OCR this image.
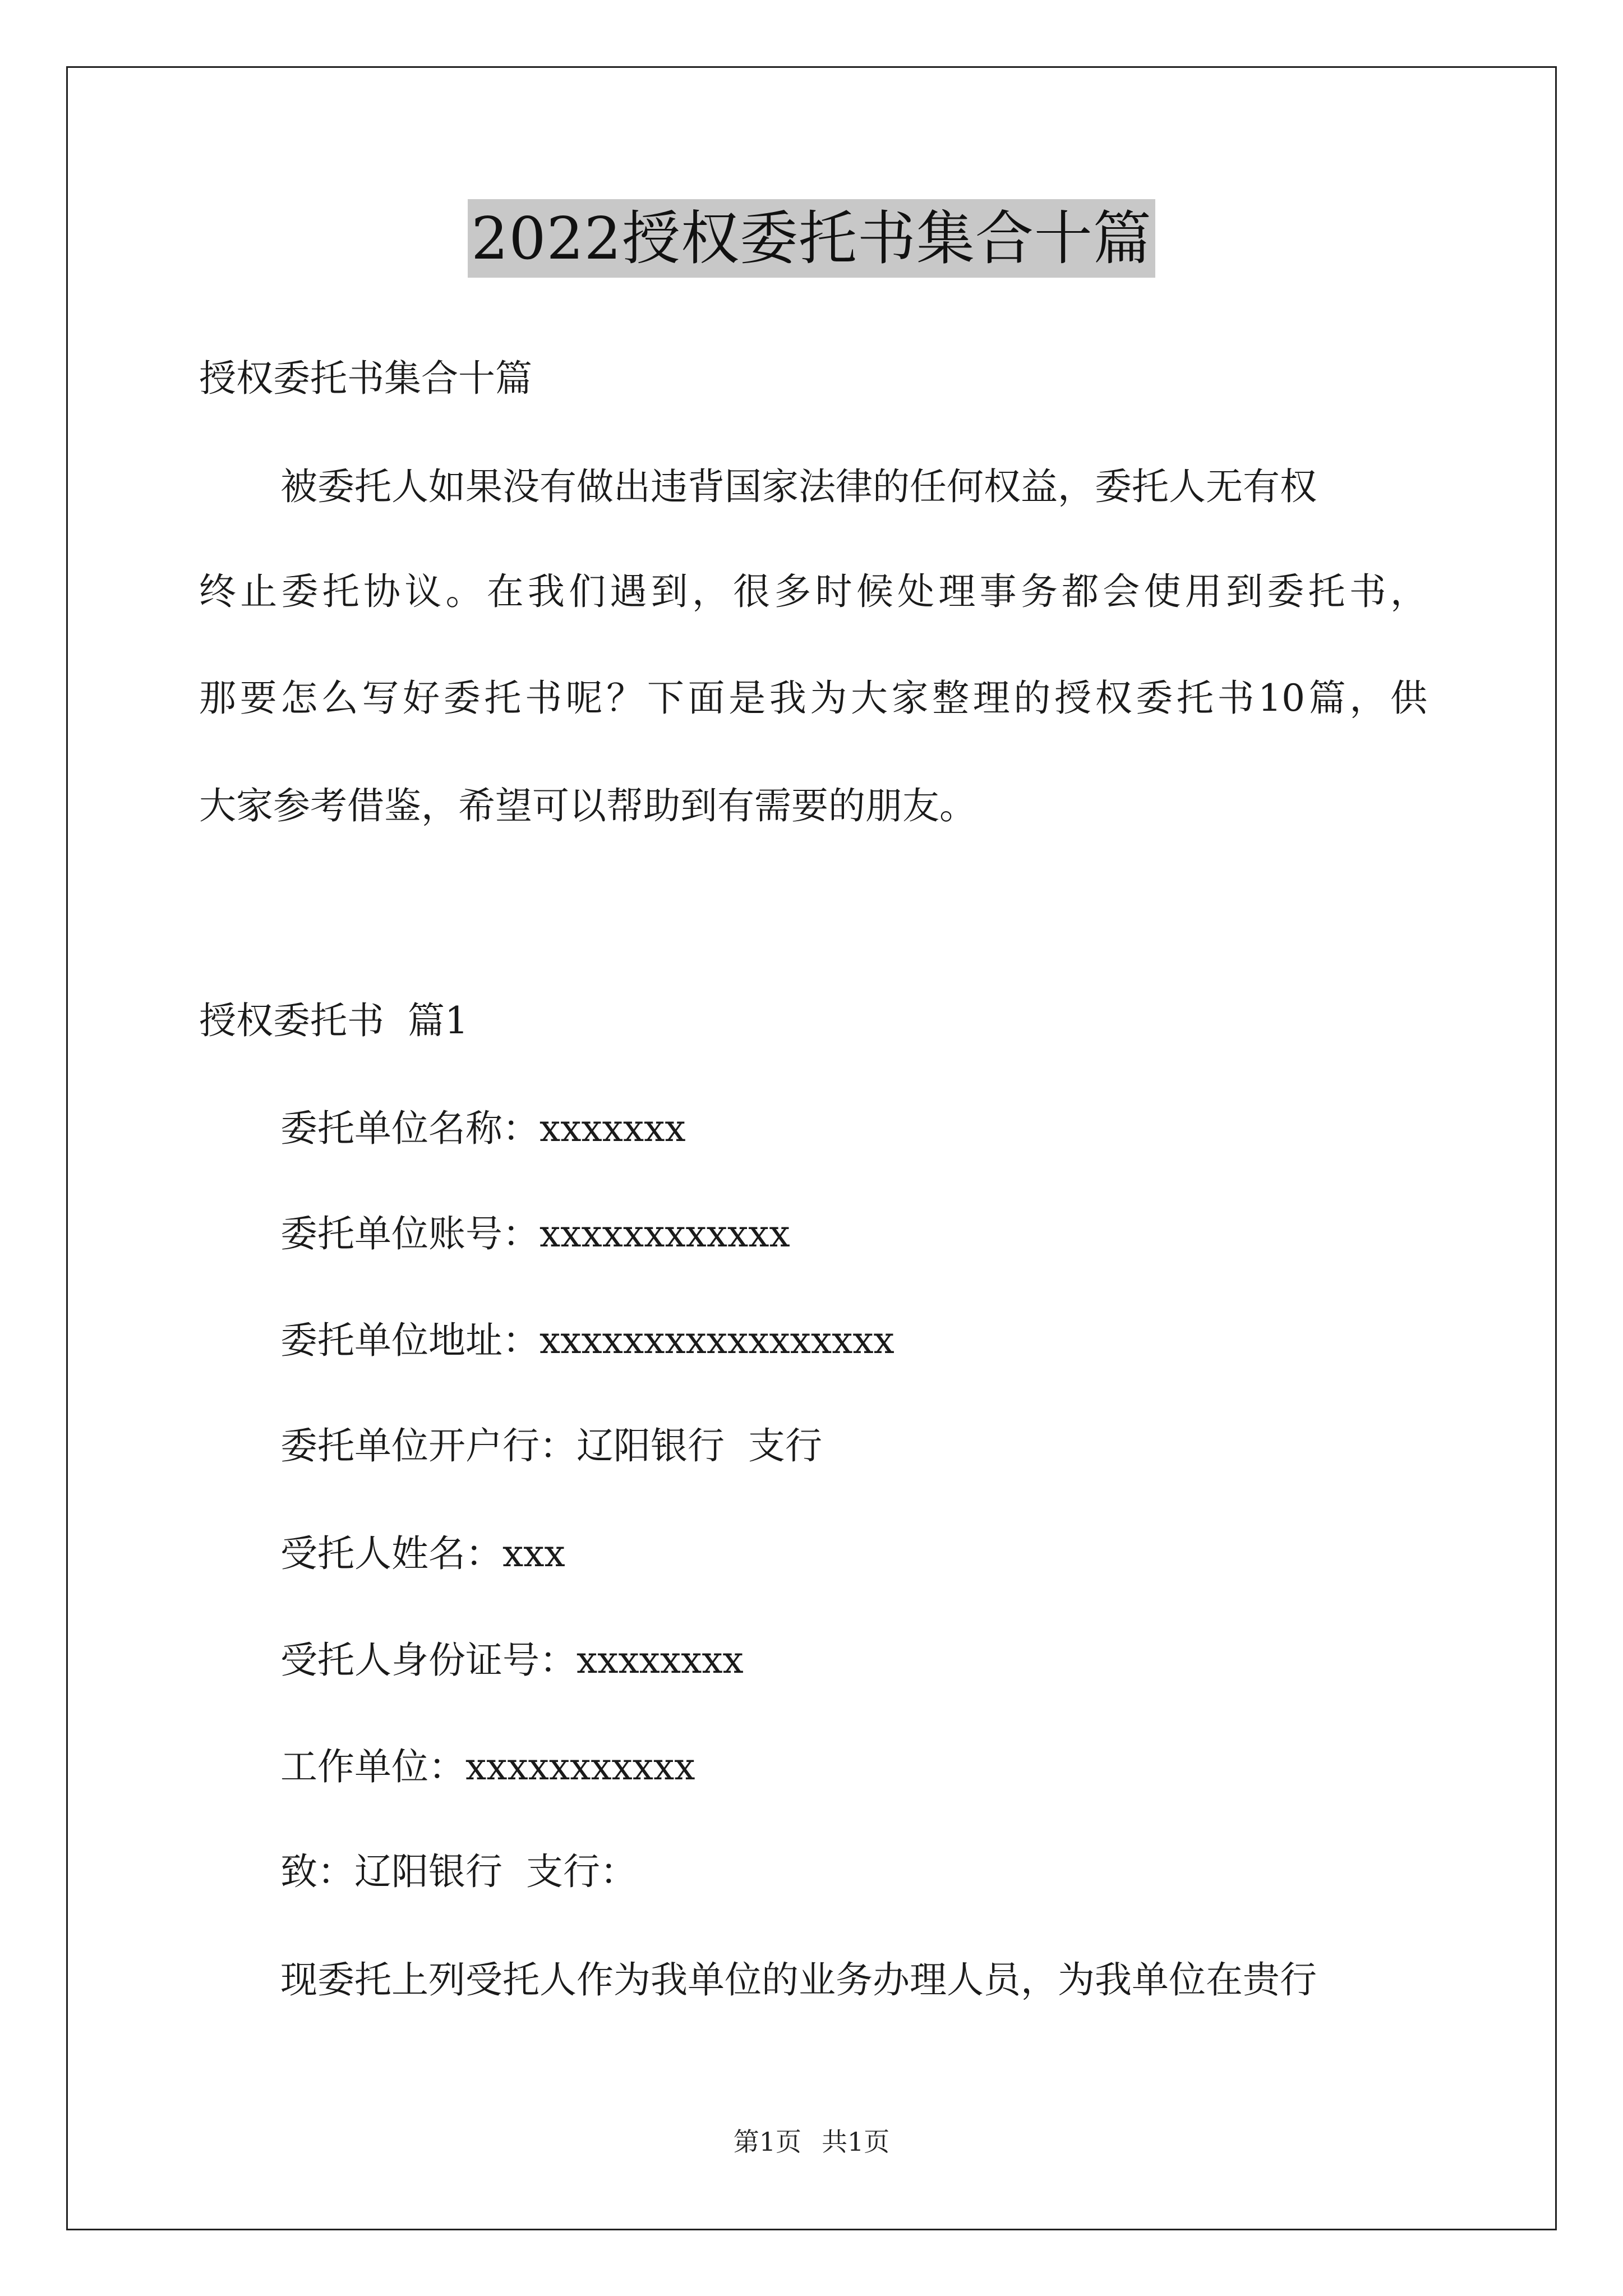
2022授权委托书集合十篇
授权委托书集合十篇
被委托人如果没有做出违背国家法律的任何权益，委托人无有权
终止委托协议。在我们遇到，很多时候处理事务都会使用到委托书，
那要怎么写好委托书呢？下面是我为大家整理的授权委托书10篇，供
大家参考借鉴，希望可以帮助到有需要的朋友。
授权委托书  篇1
委托单位名称：xxxxxxx
委托单位账号：xxxxxxxxxxxx
委托单位地址：xxxxxxxxxxxxxxxxx
委托单位开户行：辽阳银行  支行
受托人姓名：xxx
受托人身份证号：xxxxxxxx
工作单位：xxxxxxxxxxx
致：辽阳银行  支行：
现委托上列受托人作为我单位的业务办理人员，为我单位在贵行
第1页 共1页
